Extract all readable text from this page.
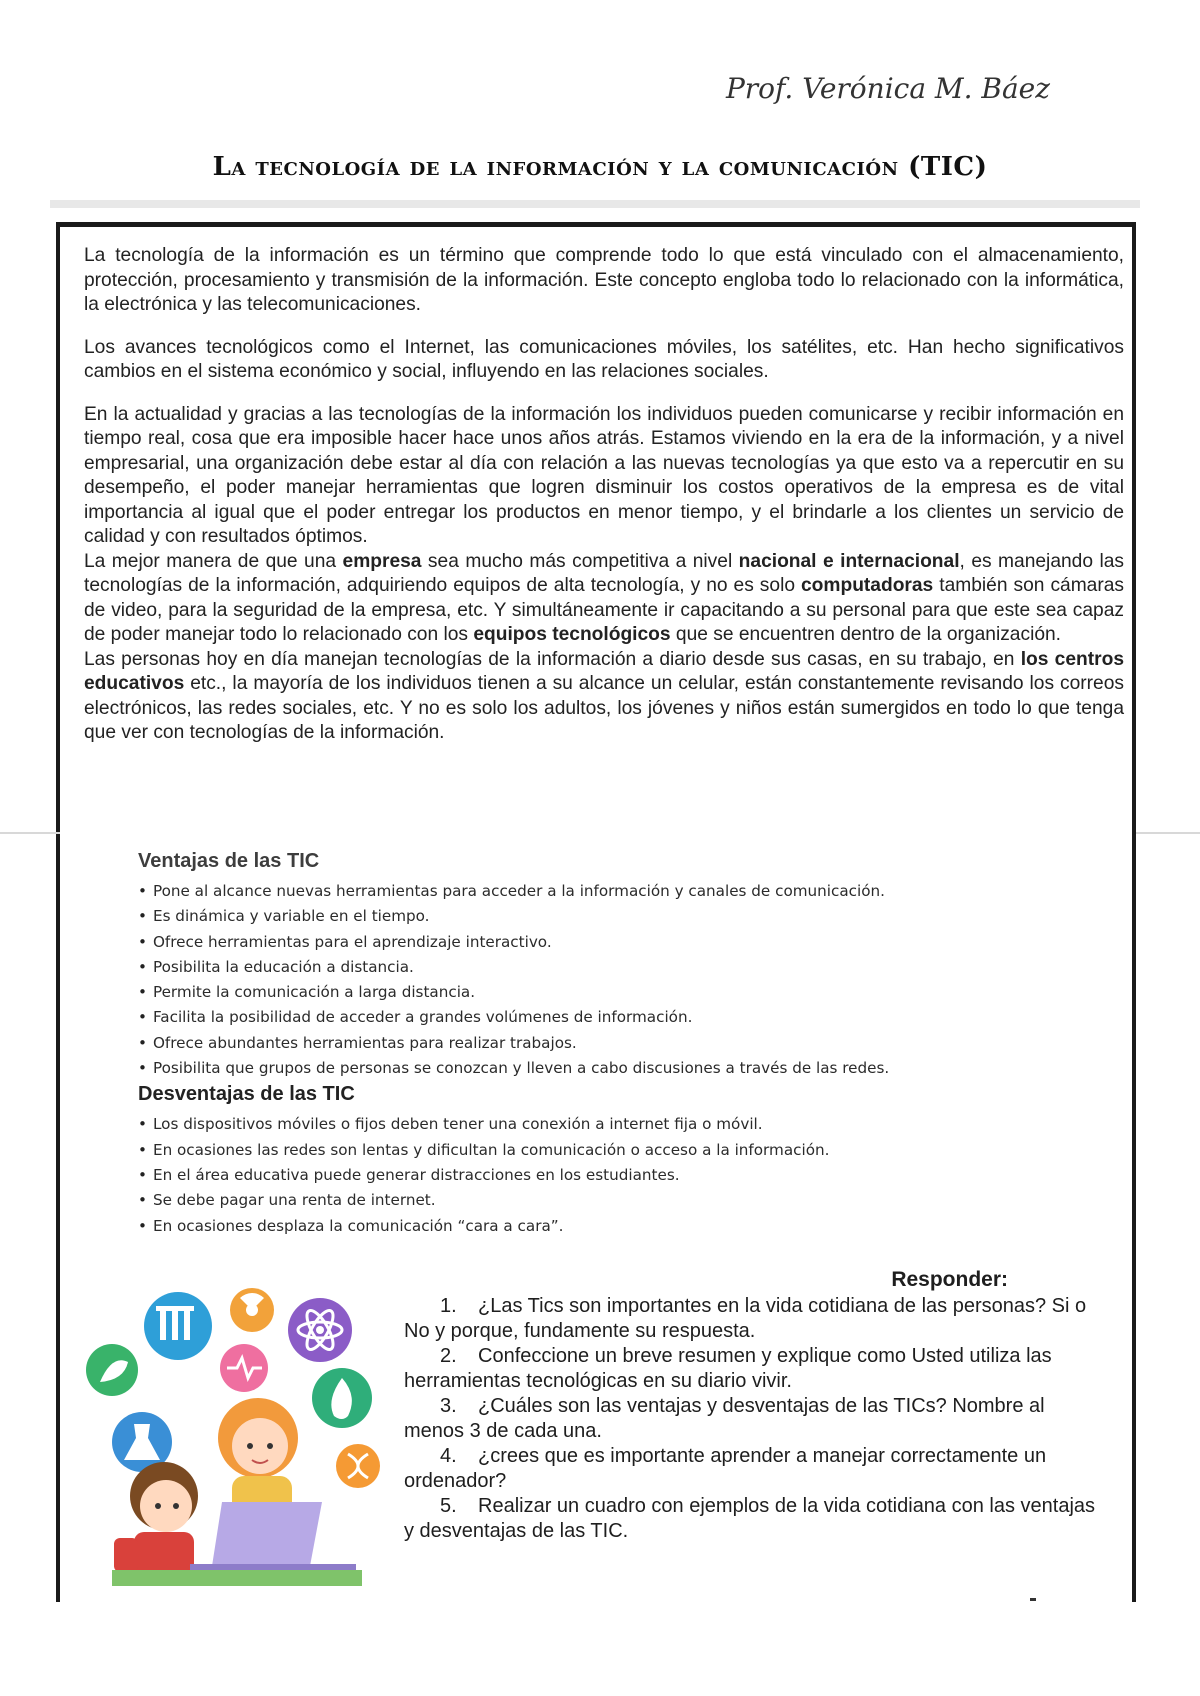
Prof. Verónica M. Báez
La tecnología de la información y la comunicación (TIC)

La tecnología de la información es un término que comprende todo lo que está vinculado con el almacenamiento, protección, procesamiento y transmisión de la información. Este concepto engloba todo lo relacionado con la informática, la electrónica y las telecomunicaciones.

Los avances tecnológicos como el Internet, las comunicaciones móviles, los satélites, etc. Han hecho significativos cambios en el sistema económico y social, influyendo en las relaciones sociales.

En la actualidad y gracias a las tecnologías de la información los individuos pueden comunicarse y recibir información en tiempo real, cosa que era imposible hacer hace unos años atrás. Estamos viviendo en la era de la información, y a nivel empresarial, una organización debe estar al día con relación a las nuevas tecnologías ya que esto va a repercutir en su desempeño, el poder manejar herramientas que logren disminuir los costos operativos de la empresa es de vital importancia al igual que el poder entregar los productos en menor tiempo, y el brindarle a los clientes un servicio de calidad y con resultados óptimos.

La mejor manera de que una empresa sea mucho más competitiva a nivel nacional e internacional, es manejando las tecnologías de la información, adquiriendo equipos de alta tecnología, y no es solo computadoras también son cámaras de video, para la seguridad de la empresa, etc. Y simultáneamente ir capacitando a su personal para que este sea capaz de poder manejar todo lo relacionado con los equipos tecnológicos que se encuentren dentro de la organización.

Las personas hoy en día manejan tecnologías de la información a diario desde sus casas, en su trabajo, en los centros educativos etc., la mayoría de los individuos tienen a su alcance un celular, están constantemente revisando los correos electrónicos, las redes sociales, etc. Y no es solo los adultos, los jóvenes y niños están sumergidos en todo lo que tenga que ver con tecnologías de la información.

Ventajas de las TIC
• Pone al alcance nuevas herramientas para acceder a la información y canales de comunicación.
• Es dinámica y variable en el tiempo.
• Ofrece herramientas para el aprendizaje interactivo.
• Posibilita la educación a distancia.
• Permite la comunicación a larga distancia.
• Facilita la posibilidad de acceder a grandes volúmenes de información.
• Ofrece abundantes herramientas para realizar trabajos.
• Posibilita que grupos de personas se conozcan y lleven a cabo discusiones a través de las redes.
Desventajas de las TIC
• Los dispositivos móviles o fijos deben tener una conexión a internet fija o móvil.
• En ocasiones las redes son lentas y dificultan la comunicación o acceso a la información.
• En el área educativa puede generar distracciones en los estudiantes.
• Se debe pagar una renta de internet.
• En ocasiones desplaza la comunicación “cara a cara”.
Responder:
1. ¿Las Tics son importantes en la vida cotidiana de las personas? Si o No y porque, fundamente su respuesta.
2. Confeccione un breve resumen y explique como Usted utiliza las herramientas tecnológicas en su diario vivir.
3. ¿Cuáles son las ventajas y desventajas de las TICs? Nombre al menos 3 de cada una.
4. ¿crees que es importante aprender a manejar correctamente un ordenador?
5. Realizar un cuadro con ejemplos de la vida cotidiana con las ventajas y desventajas de las TIC.
